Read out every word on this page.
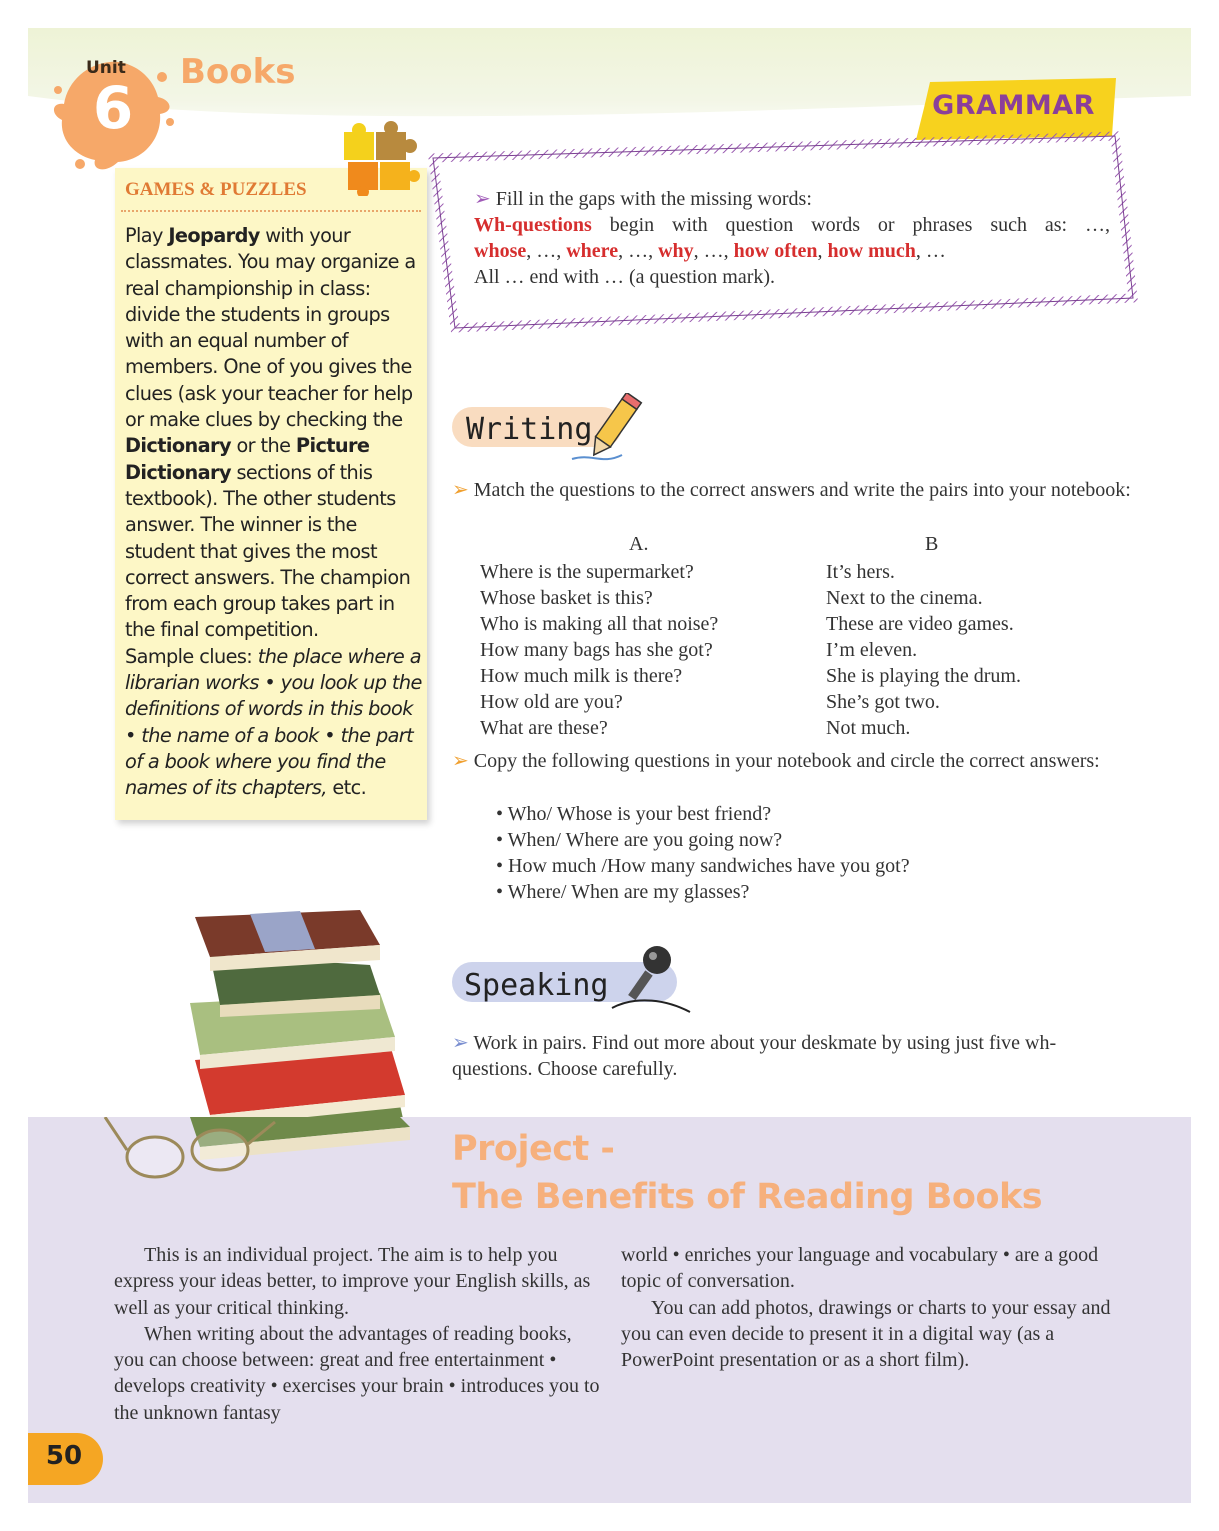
Unit
6
Books
GRAMMAR
GAMES & PUZZLES
Play Jeopardy with your classmates. You may organize a real championship in class: divide the students in groups with an equal number of members. One of you gives the clues (ask your teacher for help or make clues by checking the Dictionary or the Picture Dictionary sections of this textbook). The other students answer. The winner is the student that gives the most correct answers. The champion from each group takes part in the final competition.
Sample clues: the place where a librarian works • you look up the definitions of words in this book • the name of a book • the part of a book where you find the names of its chapters, etc.
➢ Fill in the gaps with the missing words:
Wh-questions begin with question words or phrases such as: …,
whose, …, where, …, why, …, how often, how much, …
All … end with … (a question mark).
Writing
➢ Match the questions to the correct answers and write the pairs into your notebook:
A.	B
Where is the supermarket?
Whose basket is this?
Who is making all that noise?
How many bags has she got?
How much milk is there?
How old are you?
What are these?
It’s hers.
Next to the cinema.
These are video games.
I’m eleven.
She is playing the drum.
She’s got two.
Not much.
➢ Copy the following questions in your notebook and circle the correct answers:
• Who/ Whose is your best friend?
• When/ Where are you going now?
• How much /How many sandwiches have you got?
• Where/ When are my glasses?
Speaking
➢ Work in pairs. Find out more about your deskmate by using just five wh-questions. Choose carefully.
Project -
The Benefits of Reading Books

This is an individual project. The aim is to help you express your ideas better, to improve your English skills, as well as your critical thinking.

When writing about the advantages of reading books, you can choose between: great and free entertainment • develops creativity • exercises your brain • introduces you to the unknown fantasy

world • enriches your language and vocabulary • are a good topic of conversation.

You can add photos, drawings or charts to your essay and you can even decide to present it in a digital way (as a PowerPoint presentation or as a short film).

50
